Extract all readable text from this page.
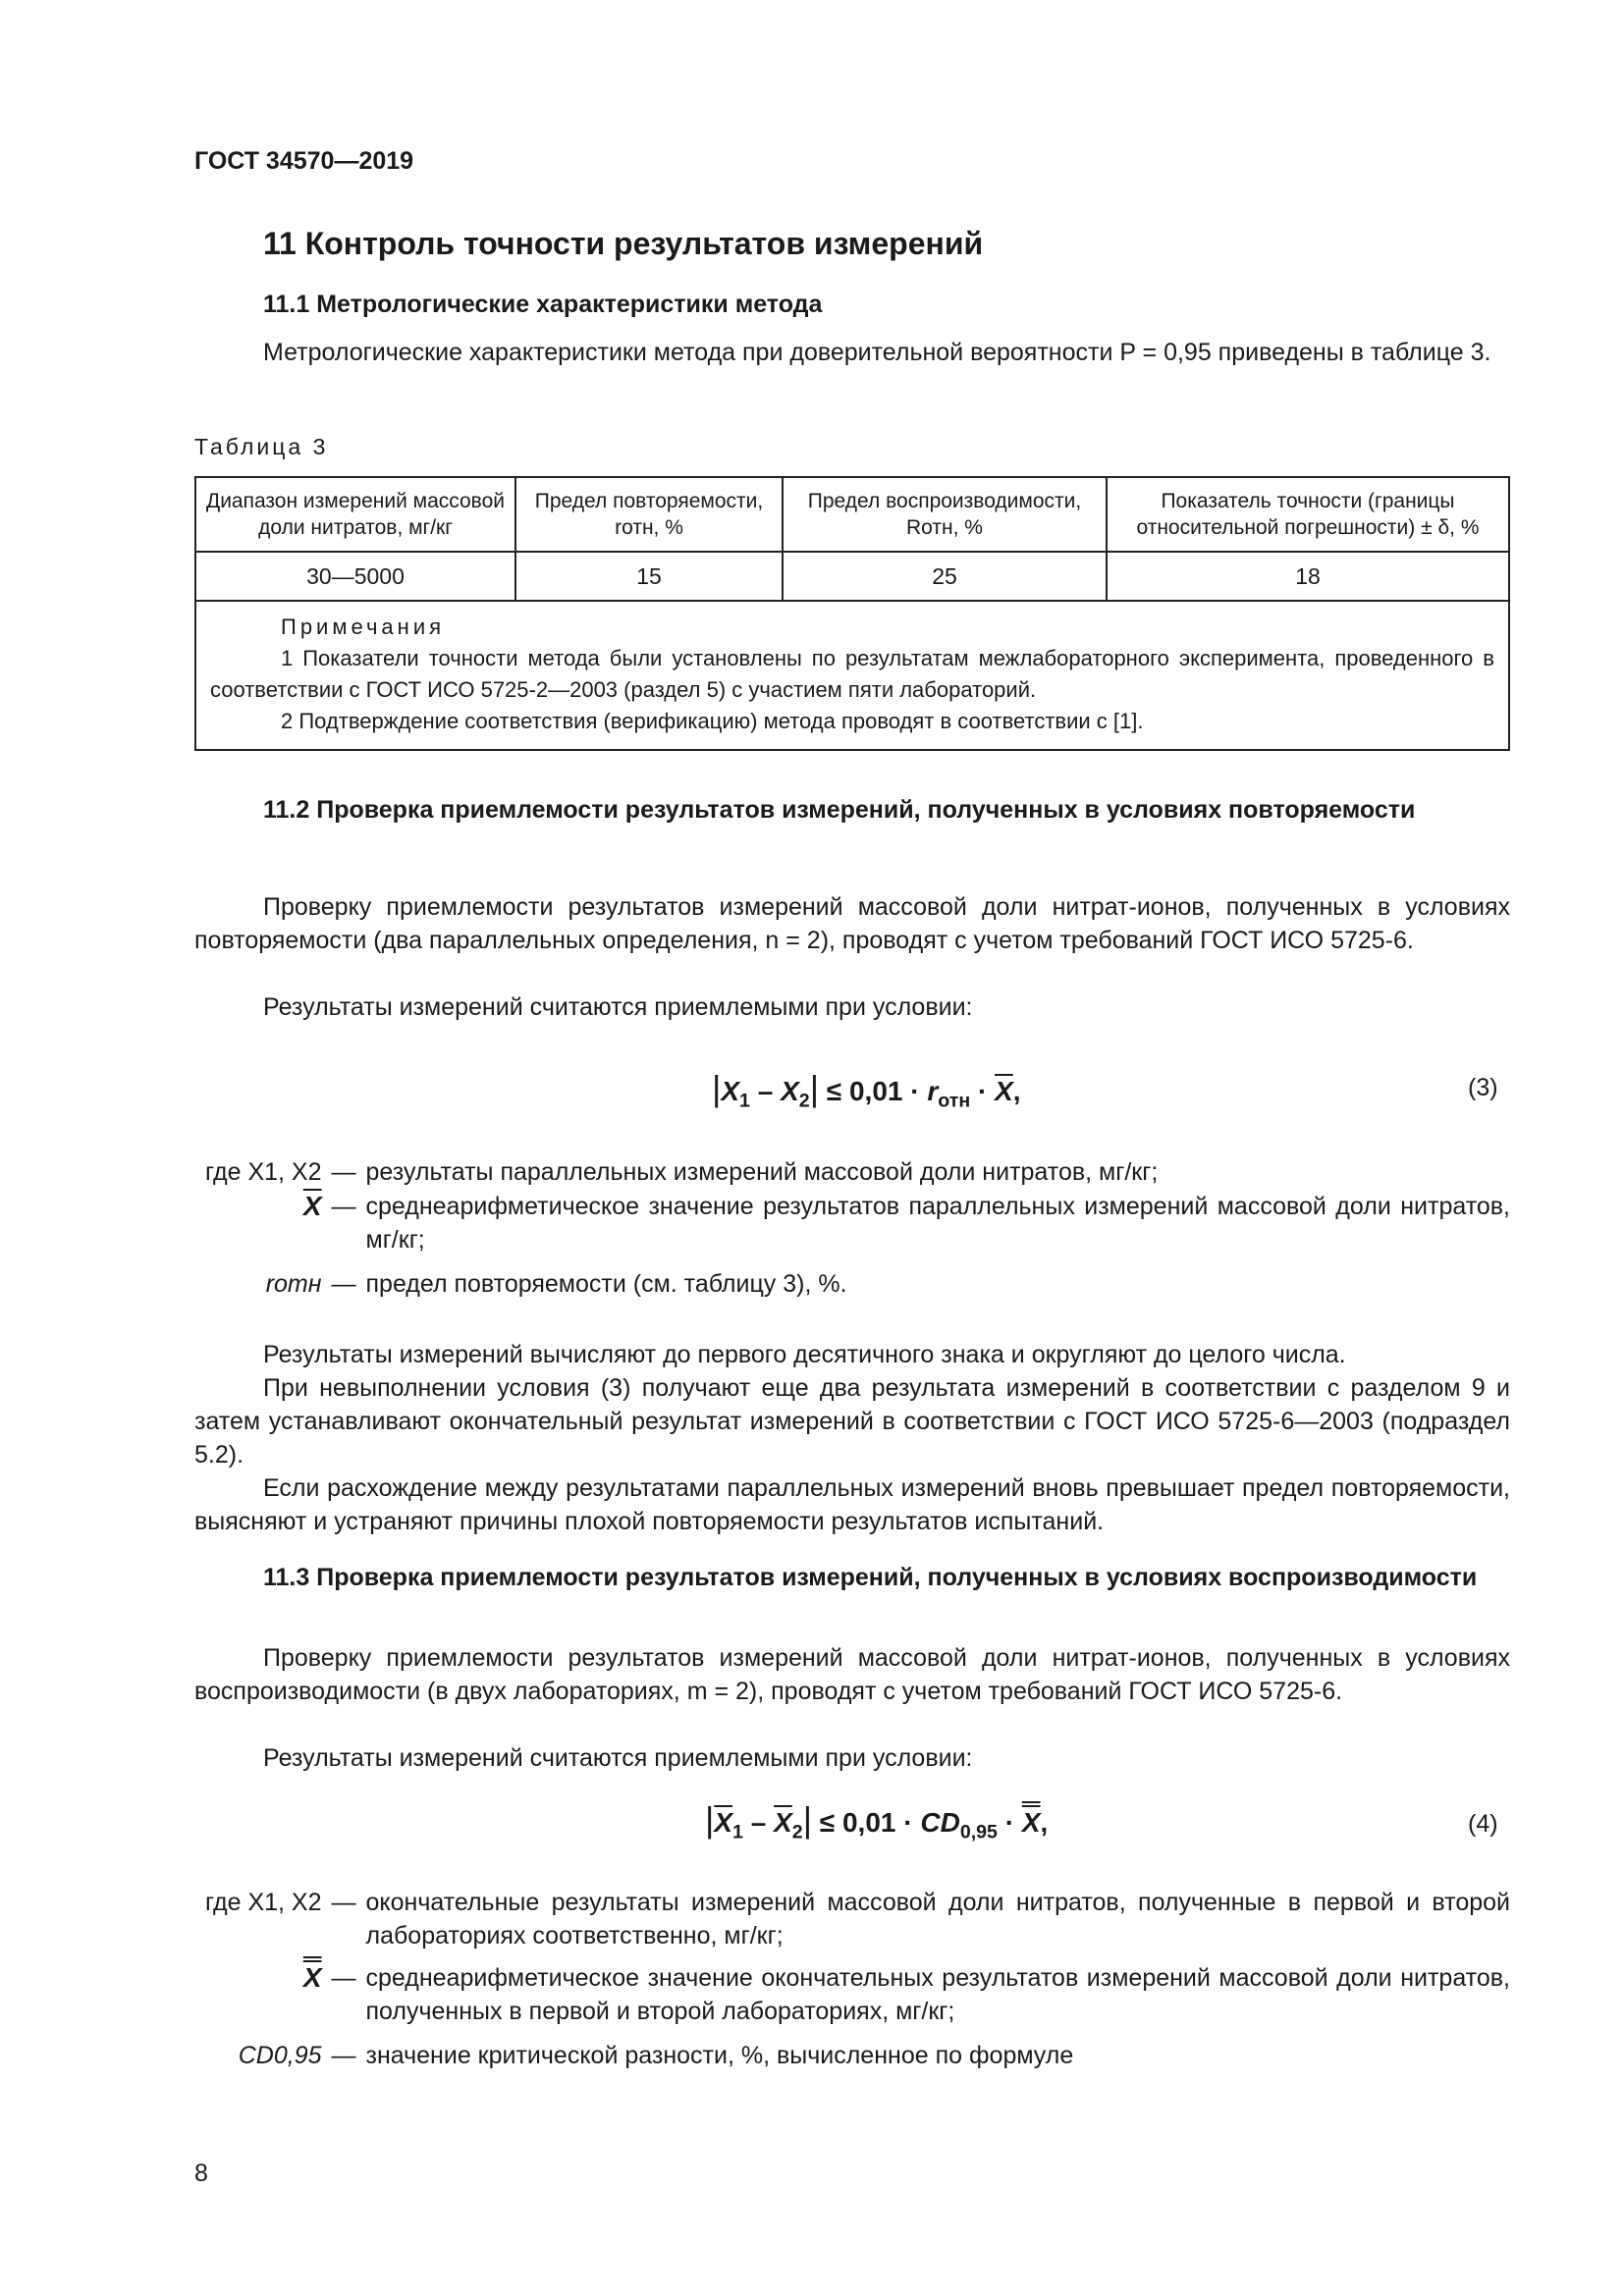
ГОСТ 34570—2019
11 Контроль точности результатов измерений
11.1 Метрологические характеристики метода
Метрологические характеристики метода при доверительной вероятности P = 0,95 приведены в таблице 3.
Таблица 3
Диапазон измерений массовой доли нитратов, мг/кг	Предел повторяемости, rотн, %	Предел воспроизводимости, Rотн, %	Показатель точности (границы относительной погрешности) ± δ, %
30—5000	15	25	18

Примечания
1 Показатели точности метода были установлены по результатам межлабораторного эксперимента, проведенного в соответствии с ГОСТ ИСО 5725-2—2003 (раздел 5) с участием пяти лабораторий.
2 Подтверждение соответствия (верификацию) метода проводят в соответствии с [1].			
11.2 Проверка приемлемости результатов измерений, полученных в условиях повторяемости
Проверку приемлемости результатов измерений массовой доли нитрат-ионов, полученных в условиях повторяемости (два параллельных определения, n = 2), проводят с учетом требований ГОСТ ИСО 5725-6.
Результаты измерений считаются приемлемыми при условии:
$|X_1 - X_2| \le 0,01 \cdot r_{отн} \cdot \overline{X}$,	(3)
где X1, X2 — результаты параллельных измерений массовой доли нитратов, мг/кг;
$\overline{X}$ — среднеарифметическое значение результатов параллельных измерений массовой доли нитратов, мг/кг;
rотн — предел повторяемости (см. таблицу 3), %.
Результаты измерений вычисляют до первого десятичного знака и округляют до целого числа.
При невыполнении условия (3) получают еще два результата измерений в соответствии с разделом 9 и затем устанавливают окончательный результат измерений в соответствии с ГОСТ ИСО 5725-6—2003 (подраздел 5.2).
Если расхождение между результатами параллельных измерений вновь превышает предел повторяемости, выясняют и устраняют причины плохой повторяемости результатов испытаний.
11.3 Проверка приемлемости результатов измерений, полученных в условиях воспроизводимости
Проверку приемлемости результатов измерений массовой доли нитрат-ионов, полученных в условиях воспроизводимости (в двух лабораториях, m = 2), проводят с учетом требований ГОСТ ИСО 5725-6.
Результаты измерений считаются приемлемыми при условии:
$|\overline{X}_1 - \overline{X}_2| \le 0,01 \cdot CD_{0,95} \cdot X$,	(4)
где X1, X2 — окончательные результаты измерений массовой доли нитратов, полученные в первой и второй лабораториях соответственно, мг/кг;
X — среднеарифметическое значение окончательных результатов измерений массовой доли нитратов, полученных в первой и второй лабораториях, мг/кг;
CD0,95 — значение критической разности, %, вычисленное по формуле
8
